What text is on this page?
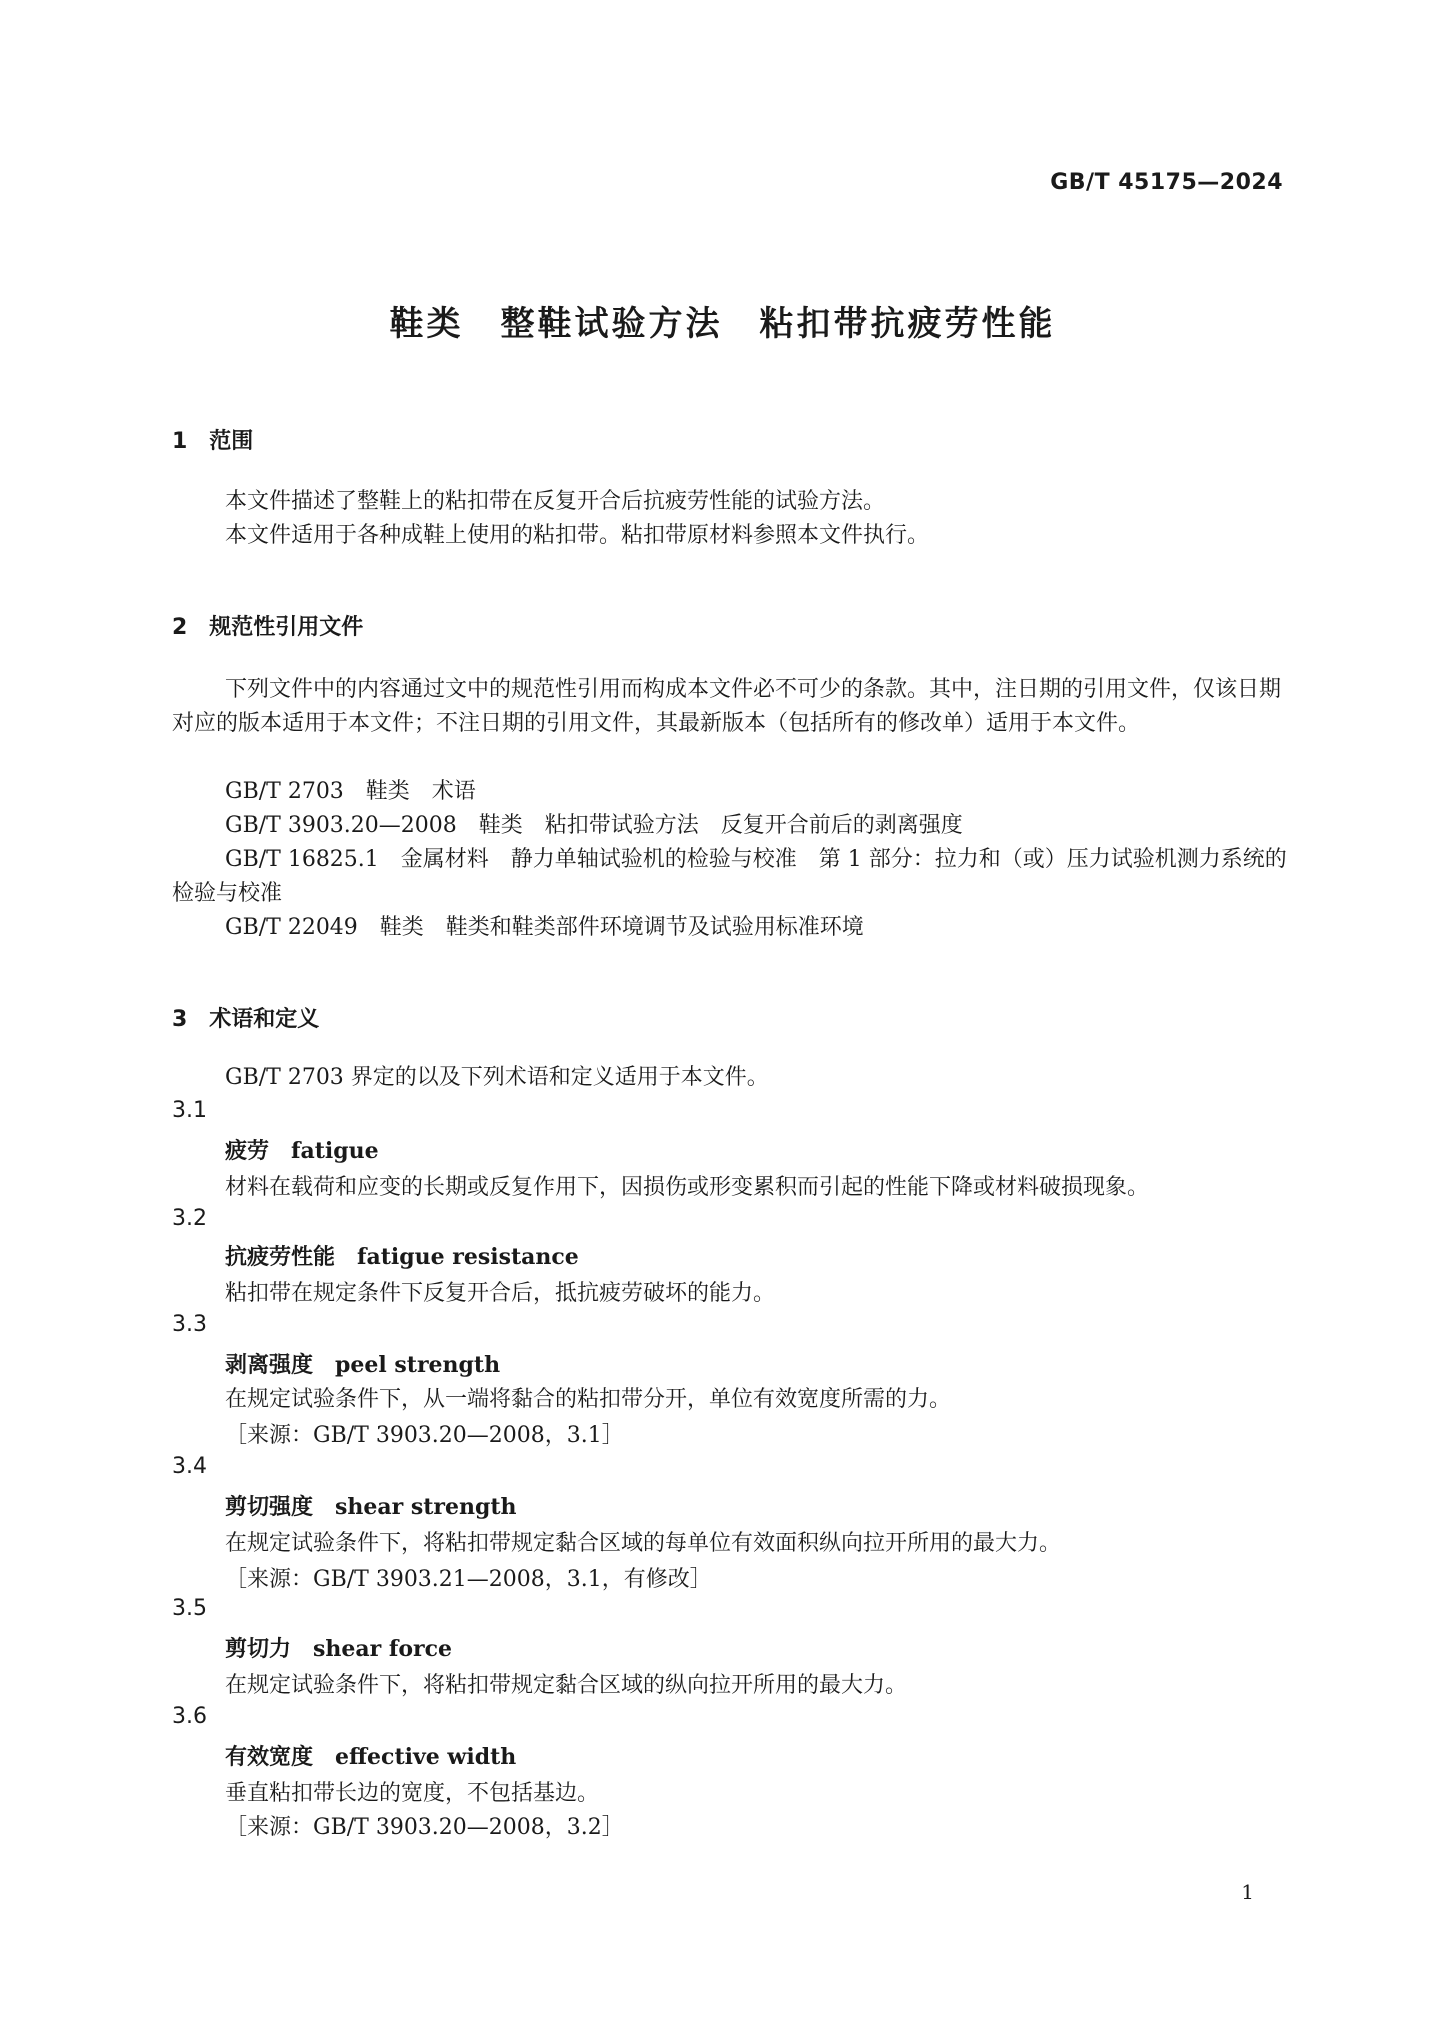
GB/T 45175—2024
鞋类　整鞋试验方法　粘扣带抗疲劳性能
1　范围

本文件描述了整鞋上的粘扣带在反复开合后抗疲劳性能的试验方法。

本文件适用于各种成鞋上使用的粘扣带。粘扣带原材料参照本文件执行。

2　规范性引用文件

下列文件中的内容通过文中的规范性引用而构成本文件必不可少的条款。其中，注日期的引用文件，仅该日期对应的版本适用于本文件；不注日期的引用文件，其最新版本（包括所有的修改单）适用于本文件。

GB/T 2703　鞋类　术语
GB/T 3903.20—2008　鞋类　粘扣带试验方法　反复开合前后的剥离强度

GB/T 16825.1　金属材料　静力单轴试验机的检验与校准　第 1 部分：拉力和（或）压力试验机测力系统的检验与校准

GB/T 22049　鞋类　鞋类和鞋类部件环境调节及试验用标准环境
3　术语和定义
GB/T 2703 界定的以及下列术语和定义适用于本文件。
3.1
疲劳　fatigue
材料在载荷和应变的长期或反复作用下，因损伤或形变累积而引起的性能下降或材料破损现象。
3.2
抗疲劳性能　fatigue resistance
粘扣带在规定条件下反复开合后，抵抗疲劳破坏的能力。
3.3
剥离强度　peel strength
在规定试验条件下，从一端将黏合的粘扣带分开，单位有效宽度所需的力。
［来源：GB/T 3903.20—2008，3.1］
3.4
剪切强度　shear strength
在规定试验条件下，将粘扣带规定黏合区域的每单位有效面积纵向拉开所用的最大力。
［来源：GB/T 3903.21—2008，3.1，有修改］
3.5
剪切力　shear force
在规定试验条件下，将粘扣带规定黏合区域的纵向拉开所用的最大力。
3.6
有效宽度　effective width
垂直粘扣带长边的宽度，不包括基边。
［来源：GB/T 3903.20—2008，3.2］
1
